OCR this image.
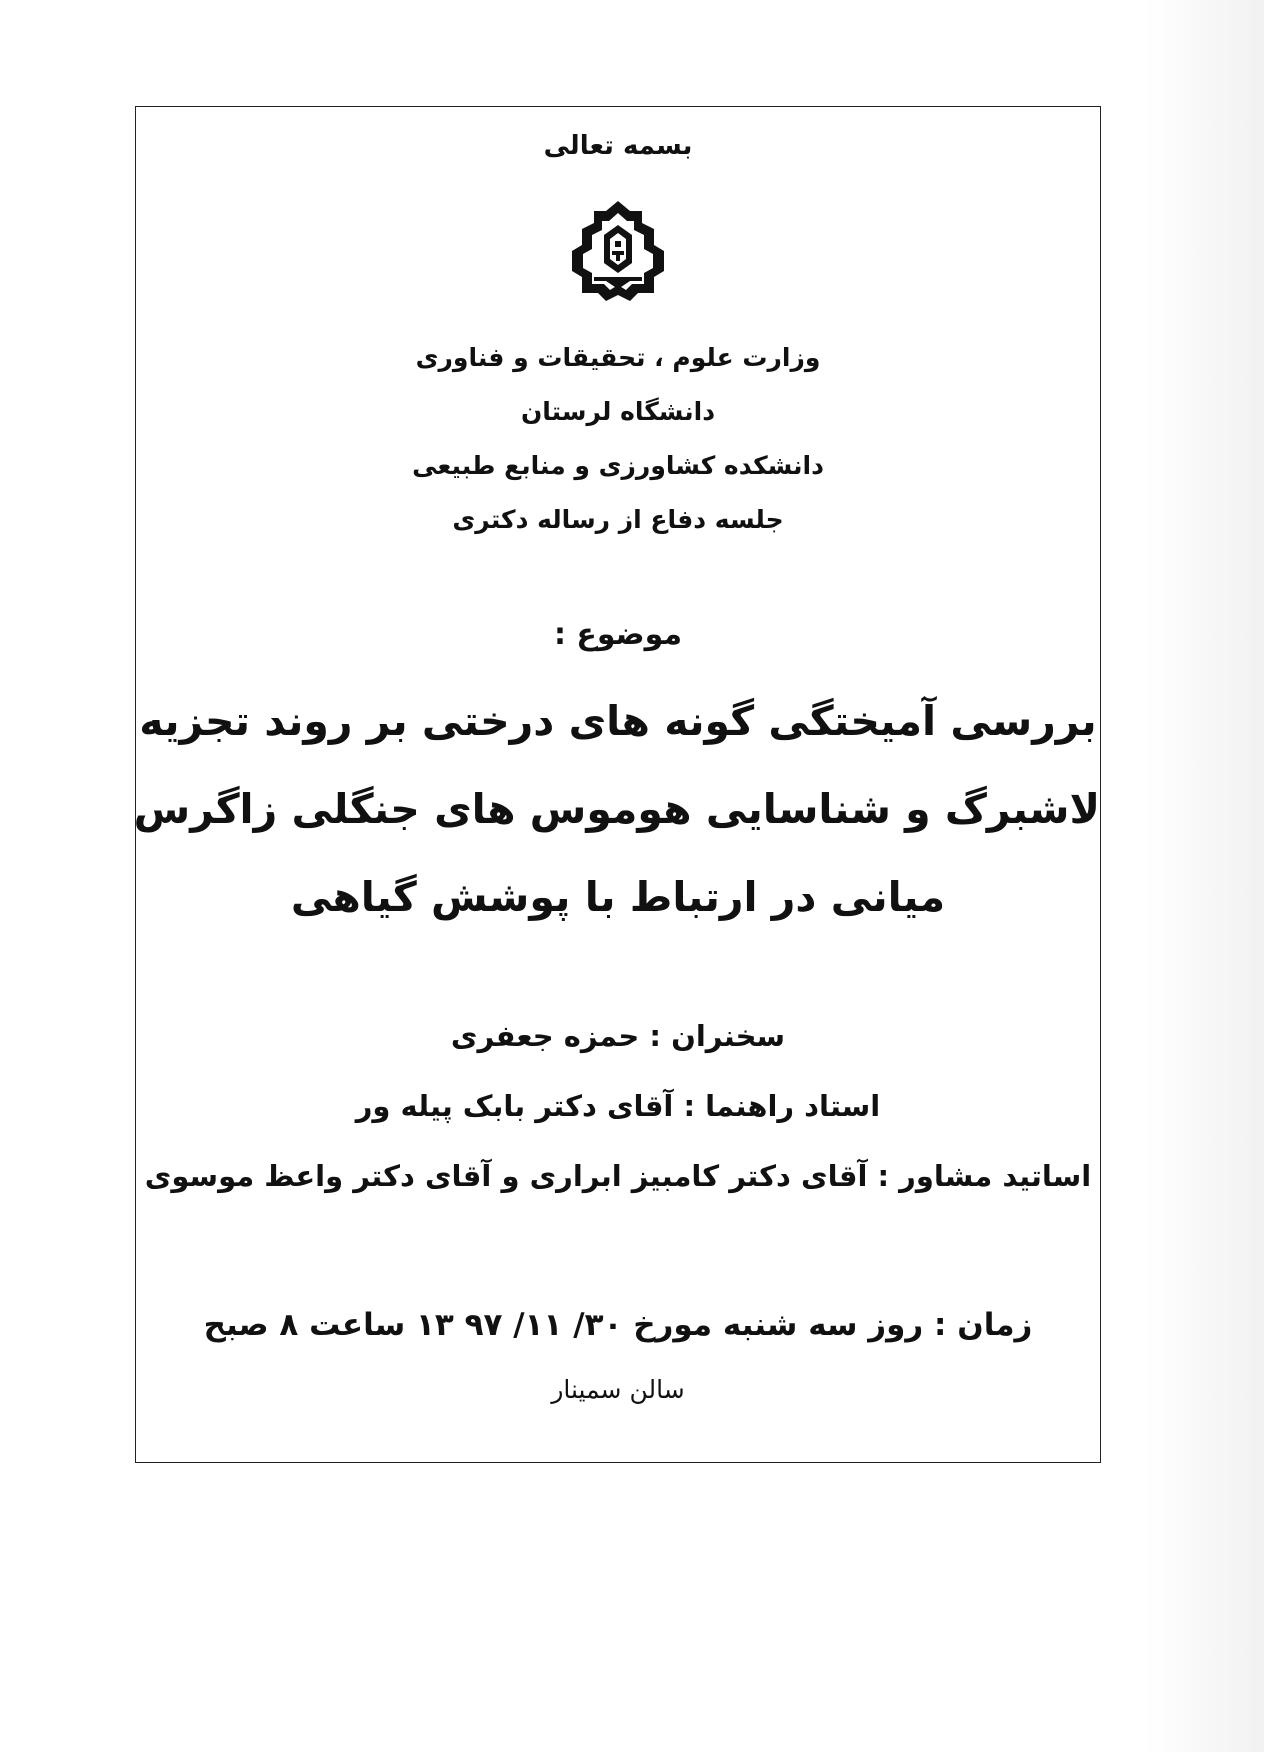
بسمه تعالی
وزارت علوم ، تحقیقات و فناوری
دانشگاه لرستان
دانشکده کشاورزی و منابع طبیعی
جلسه دفاع از رساله دکتری
موضوع :
بررسی آمیختگی گونه های درختی بر روند تجزیه
لاشبرگ و شناسایی هوموس های جنگلی زاگرس
میانی در ارتباط با پوشش گیاهی
سخنران : حمزه جعفری
استاد راهنما : آقای دکتر بابک پیله ور
اساتید مشاور : آقای دکتر کامبیز ابراری و آقای دکتر واعظ موسوی
زمان : روز سه شنبه مورخ ۳۰/ ۱۱/ ۹۷ ۱۳ ساعت ۸ صبح
سالن سمینار
